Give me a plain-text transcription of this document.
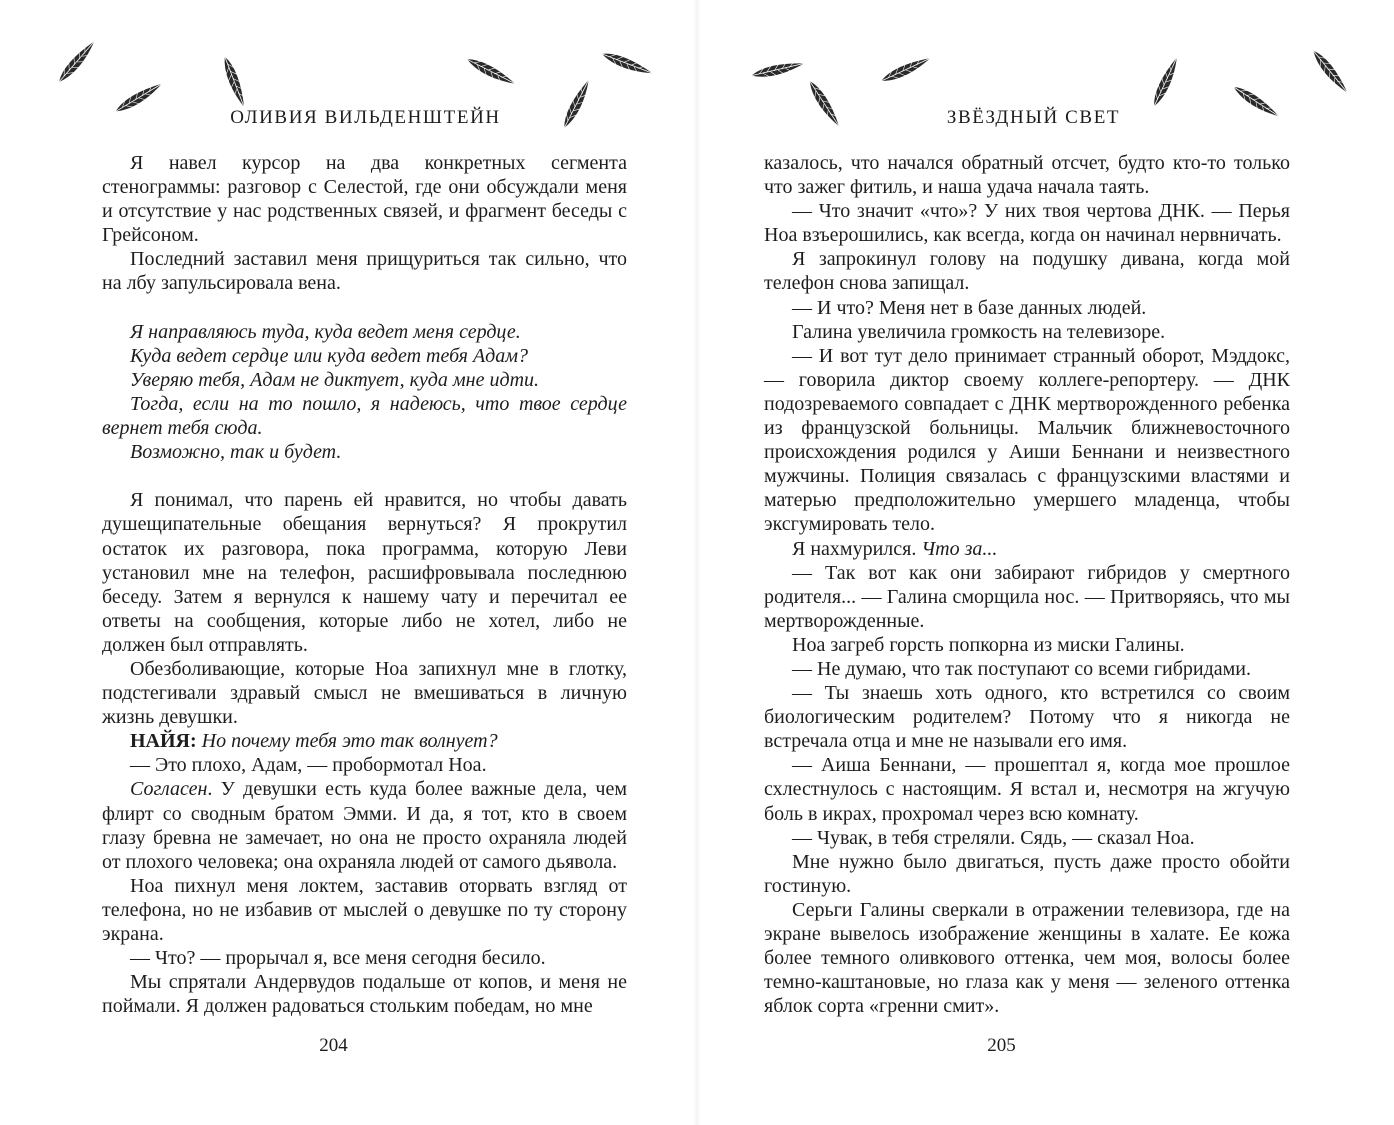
ОЛИВИЯ ВИЛЬДЕНШТЕЙН

Я навел курсор на два конкретных сегмента стенограммы: разговор с Селестой, где они обсуждали меня и отсутствие у нас родственных связей, и фрагмент беседы с Грейсоном.

Последний заставил меня прищуриться так сильно, что на лбу запульсировала вена.

Я направляюсь туда, куда ведет меня сердце.

Куда ведет сердце или куда ведет тебя Адам?

Уверяю тебя, Адам не диктует, куда мне идти.

Тогда, если на то пошло, я надеюсь, что твое сердце вернет тебя сюда.

Возможно, так и будет.

Я понимал, что парень ей нравится, но чтобы давать душещипательные обещания вернуться? Я прокрутил остаток их разговора, пока программа, которую Леви установил мне на телефон, расшифровывала последнюю беседу. Затем я вернулся к нашему чату и перечитал ее ответы на сообщения, которые либо не хотел, либо не должен был отправлять.

Обезболивающие, которые Ноа запихнул мне в глотку, подстегивали здравый смысл не вмешиваться в личную жизнь девушки.

НАЙЯ: Но почему тебя это так волнует?

— Это плохо, Адам, — пробормотал Ноа.

Согласен. У девушки есть куда более важные дела, чем флирт со сводным братом Эмми. И да, я тот, кто в своем глазу бревна не замечает, но она не просто охраняла людей от плохого человека; она охраняла людей от самого дьявола.

Ноа пихнул меня локтем, заставив оторвать взгляд от телефона, но не избавив от мыслей о девушке по ту сторону экрана.

— Что? — прорычал я, все меня сегодня бесило.

Мы спрятали Андервудов подальше от копов, и меня не поймали. Я должен радоваться стольким победам, но мне

204
ЗВЁЗДНЫЙ СВЕТ

казалось, что начался обратный отсчет, будто кто-то только что зажег фитиль, и наша удача начала таять.

— Что значит «что»? У них твоя чертова ДНК. — Перья Ноа взъерошились, как всегда, когда он начинал нервничать.

Я запрокинул голову на подушку дивана, когда мой телефон снова запищал.

— И что? Меня нет в базе данных людей.

Галина увеличила громкость на телевизоре.

— И вот тут дело принимает странный оборот, Мэддокс, — говорила диктор своему коллеге-репортеру. — ДНК подозреваемого совпадает с ДНК мертворожденного ребенка из французской больницы. Мальчик ближневосточного происхождения родился у Аиши Беннани и неизвестного мужчины. Полиция связалась с французскими властями и матерью предположительно умершего младенца, чтобы эксгумировать тело.

Я нахмурился. Что за...

— Так вот как они забирают гибридов у смертного родителя... — Галина сморщила нос. — Притворяясь, что мы мертворожденные.

Ноа загреб горсть попкорна из миски Галины.

— Не думаю, что так поступают со всеми гибридами.

— Ты знаешь хоть одного, кто встретился со своим биологическим родителем? Потому что я никогда не встречала отца и мне не называли его имя.

— Аиша Беннани, — прошептал я, когда мое прошлое схлестнулось с настоящим. Я встал и, несмотря на жгучую боль в икрах, прохромал через всю комнату.

— Чувак, в тебя стреляли. Сядь, — сказал Ноа.

Мне нужно было двигаться, пусть даже просто обойти гостиную.

Серьги Галины сверкали в отражении телевизора, где на экране вывелось изображение женщины в халате. Ее кожа более темного оливкового оттенка, чем моя, волосы более темно-каштановые, но глаза как у меня — зеленого оттенка яблок сорта «гренни смит».

205
